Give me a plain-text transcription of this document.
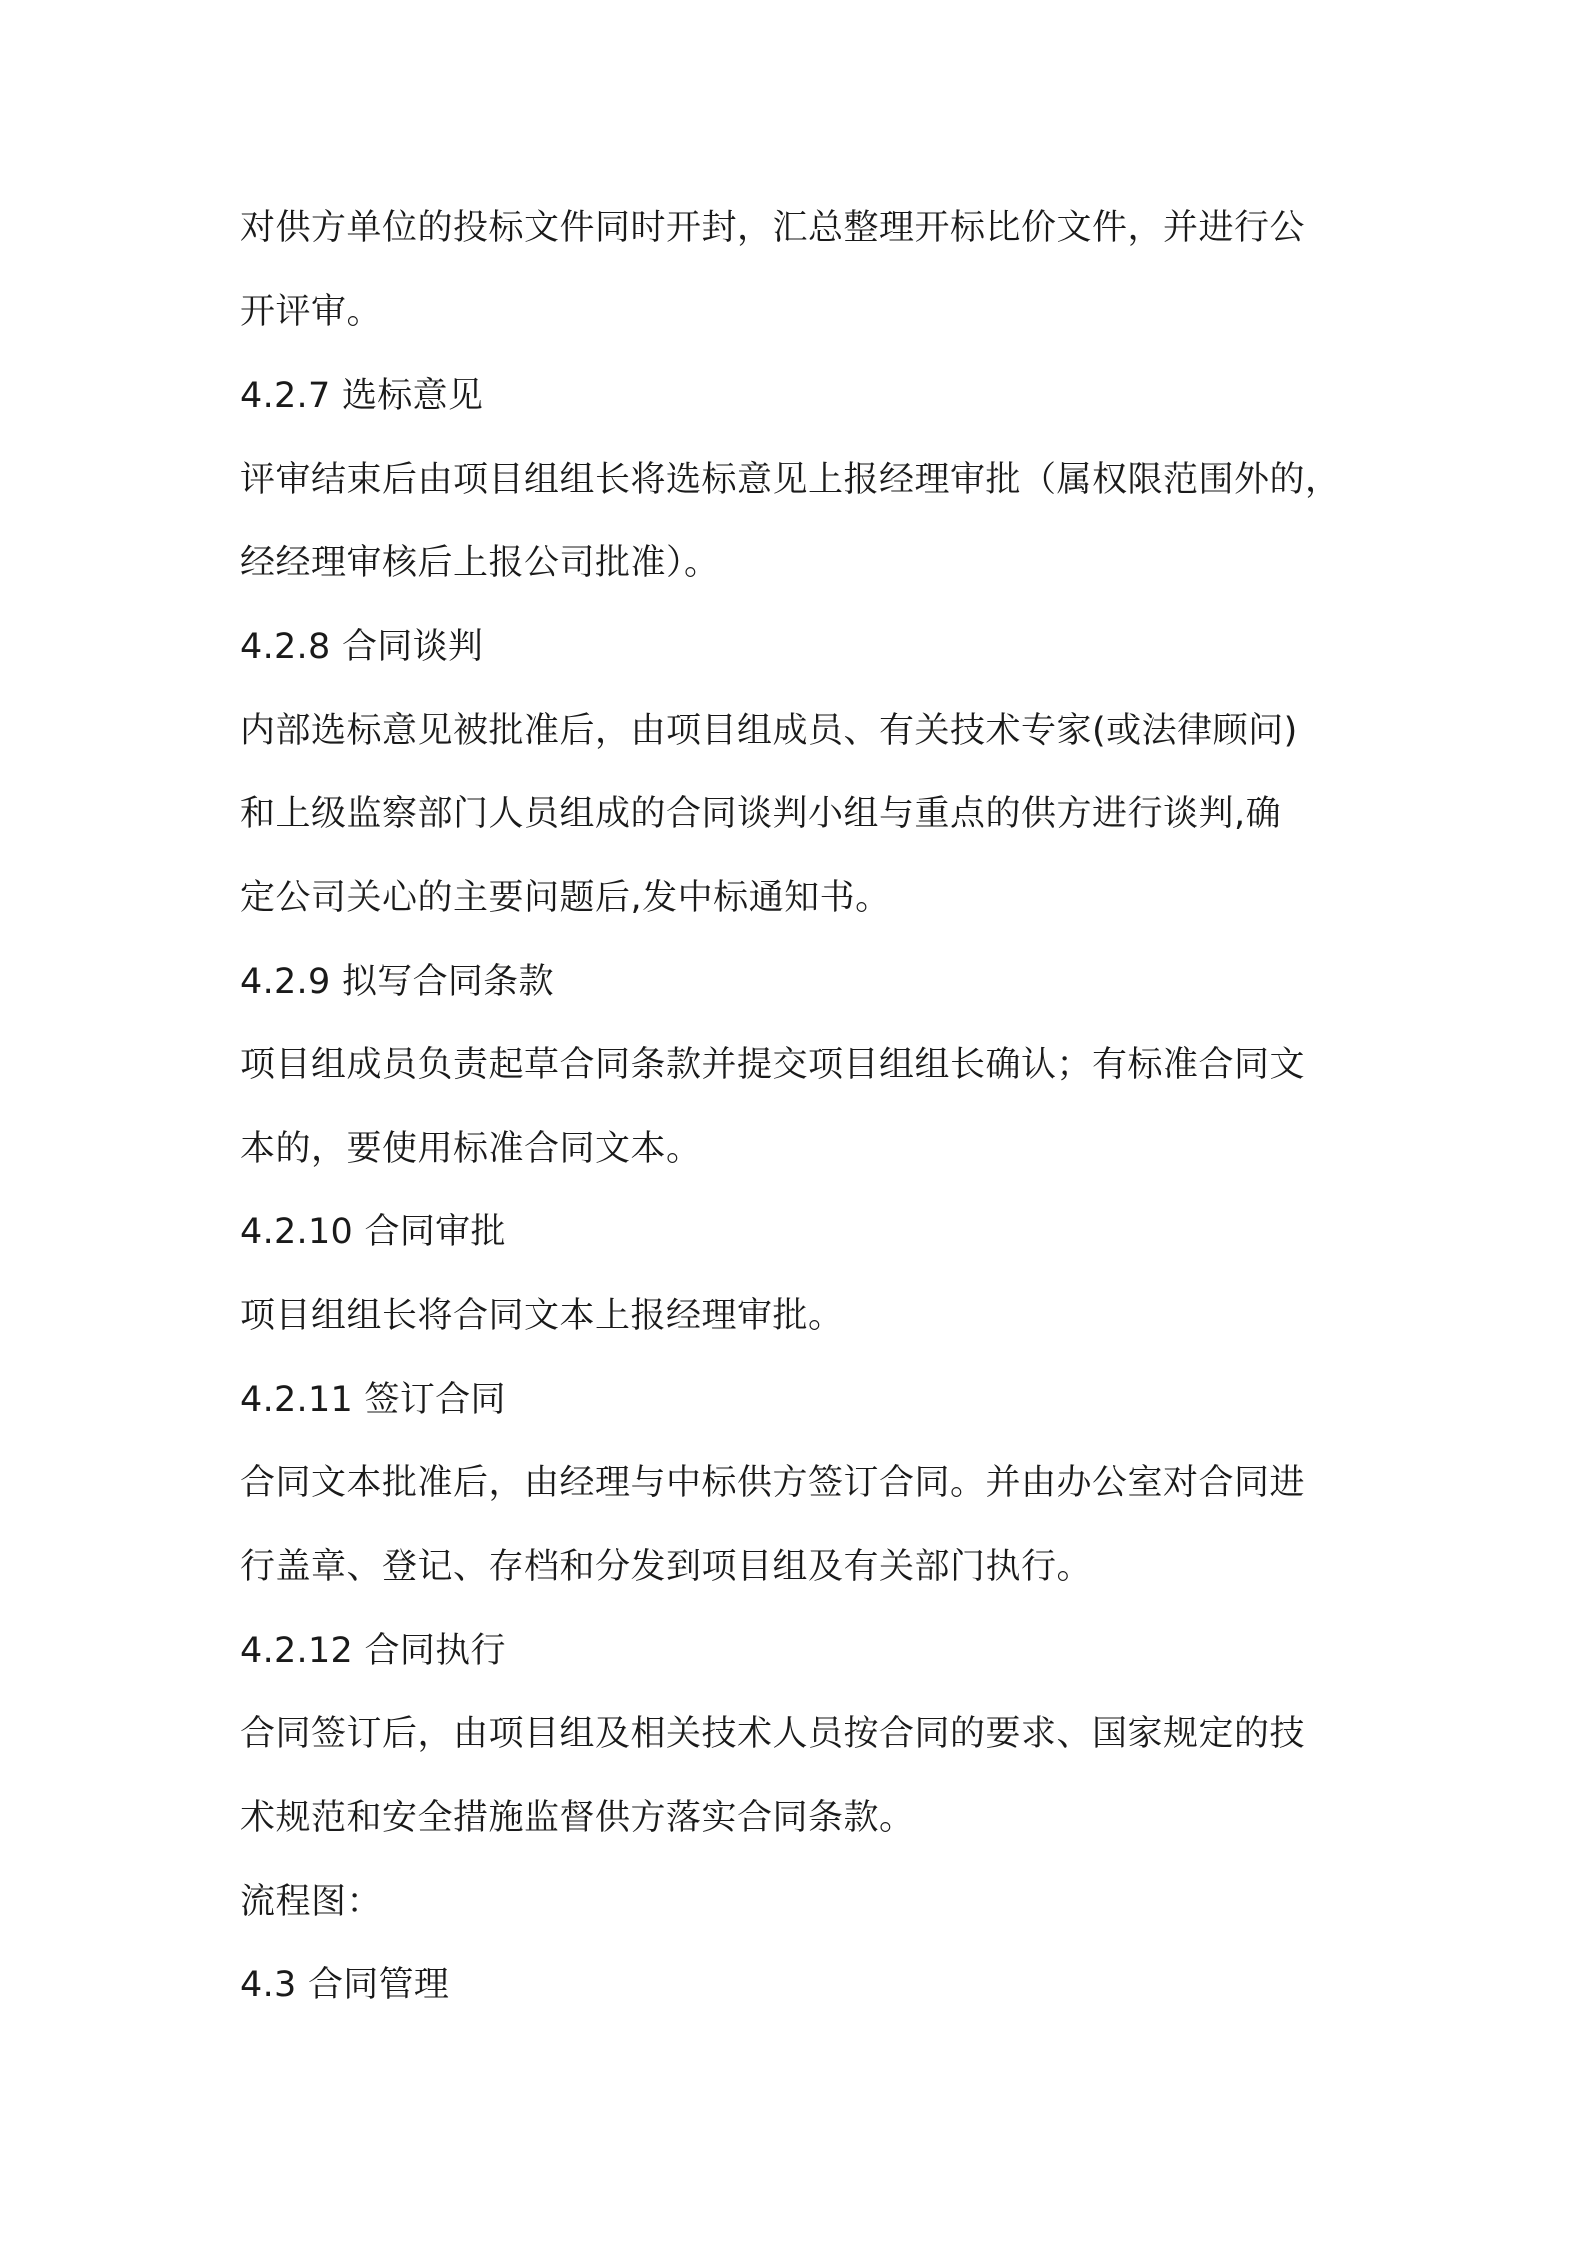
对供方单位的投标文件同时开封，汇总整理开标比价文件，并进行公
开评审。
4.2.7 选标意见
评审结束后由项目组组长将选标意见上报经理审批（属权限范围外的，
经经理审核后上报公司批准）。
4.2.8 合同谈判
内部选标意见被批准后，由项目组成员、有关技术专家(或法律顾问)
和上级监察部门人员组成的合同谈判小组与重点的供方进行谈判,确
定公司关心的主要问题后,发中标通知书。
4.2.9 拟写合同条款
项目组成员负责起草合同条款并提交项目组组长确认；有标准合同文
本的，要使用标准合同文本。
4.2.10 合同审批
项目组组长将合同文本上报经理审批。
4.2.11 签订合同
合同文本批准后，由经理与中标供方签订合同。并由办公室对合同进
行盖章、登记、存档和分发到项目组及有关部门执行。
4.2.12 合同执行
合同签订后，由项目组及相关技术人员按合同的要求、国家规定的技
术规范和安全措施监督供方落实合同条款。
流程图：
4.3 合同管理
